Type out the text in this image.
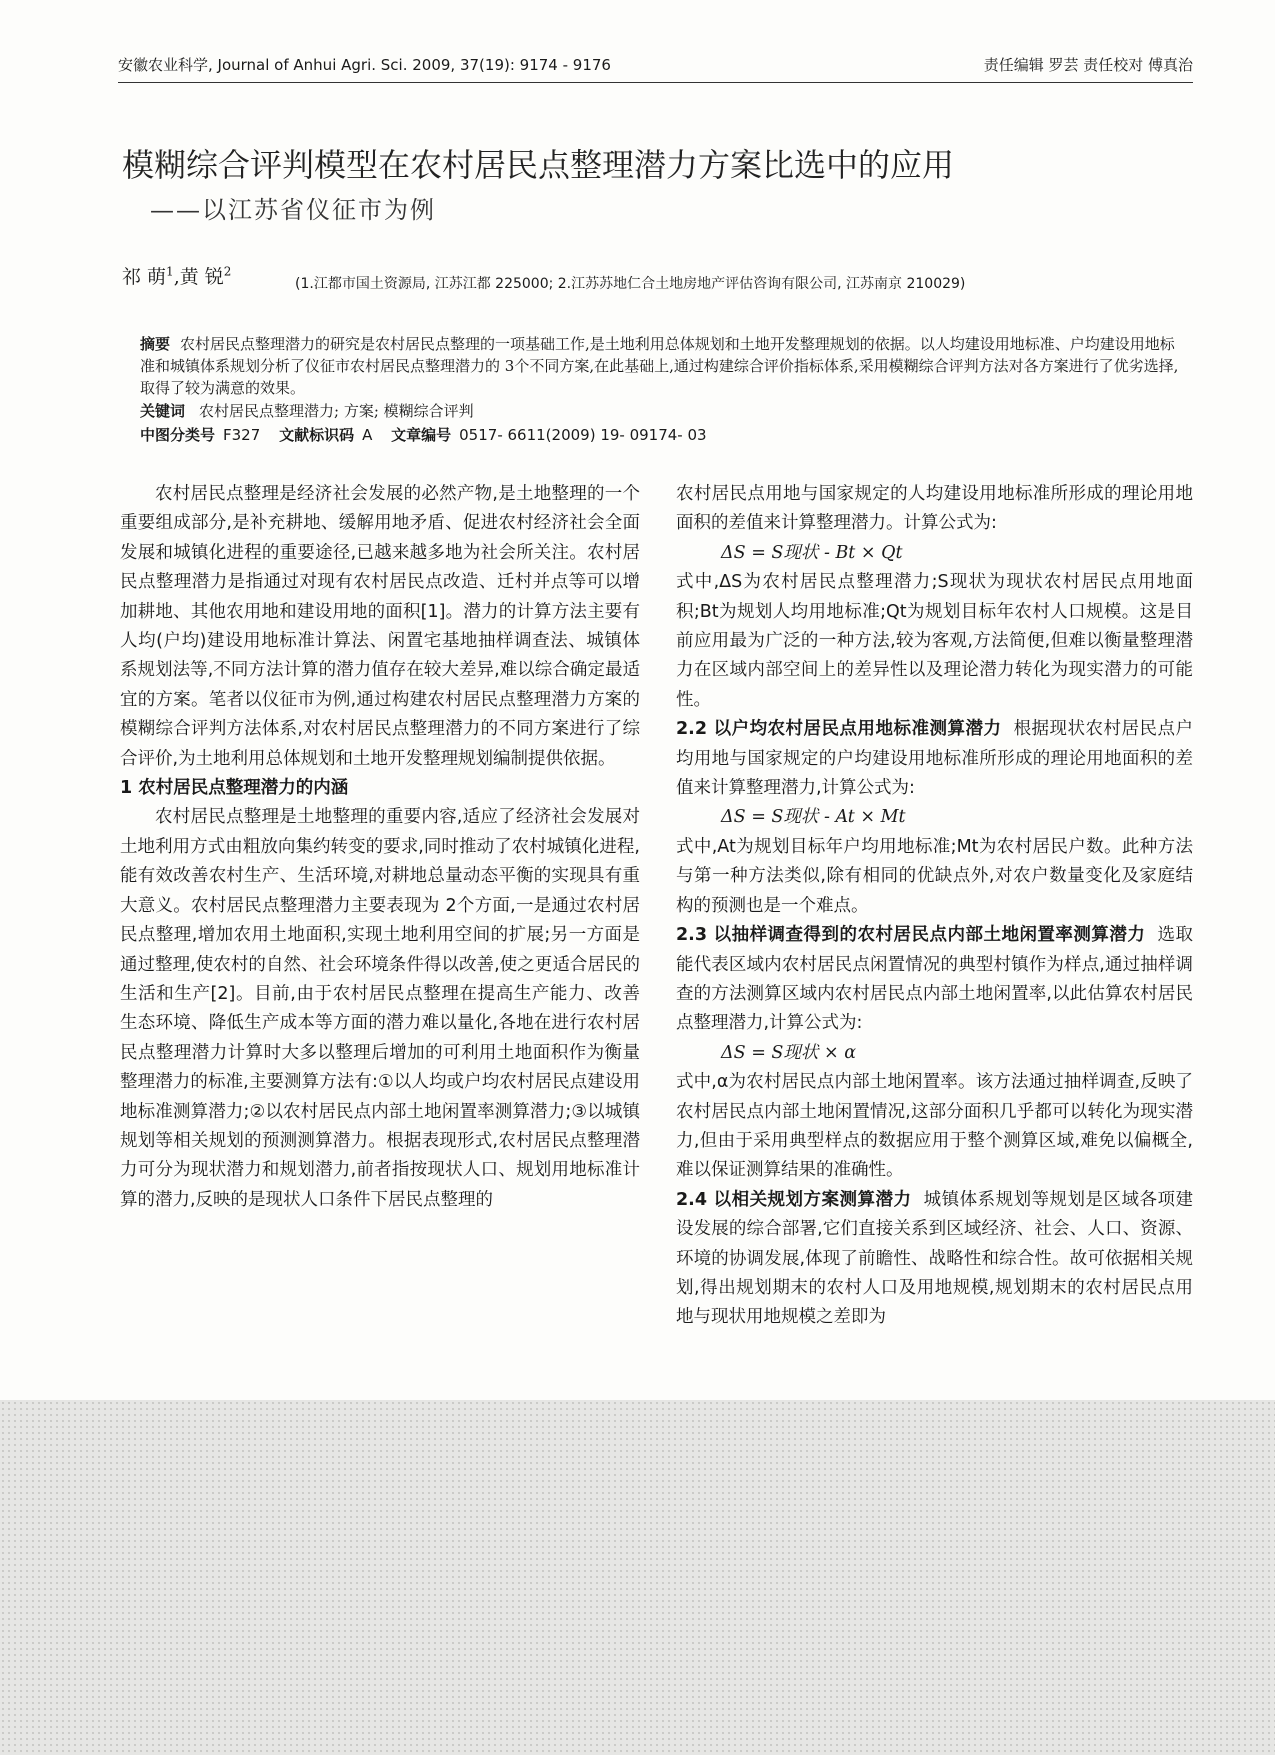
安徽农业科学, Journal of Anhui Agri. Sci. 2009, 37(19): 9174 - 9176	责任编辑 罗芸 责任校对 傅真治
模糊综合评判模型在农村居民点整理潜力方案比选中的应用
——以江苏省仪征市为例
祁 萌$^1$,黄 锐$^2$
(1.江都市国土资源局, 江苏江都 225000; 2.江苏苏地仁合土地房地产评估咨询有限公司, 江苏南京 210029)
摘要 农村居民点整理潜力的研究是农村居民点整理的一项基础工作,是土地利用总体规划和土地开发整理规划的依据。以人均建设用地标准、户均建设用地标准和城镇体系规划分析了仪征市农村居民点整理潜力的 3个不同方案,在此基础上,通过构建综合评价指标体系,采用模糊综合评判方法对各方案进行了优劣选择,取得了较为满意的效果。
关键词 农村居民点整理潜力; 方案; 模糊综合评判
中图分类号 F327 文献标识码 A 文章编号 0517- 6611(2009) 19- 09174- 03

农村居民点整理是经济社会发展的必然产物,是土地整理的一个重要组成部分,是补充耕地、缓解用地矛盾、促进农村经济社会全面发展和城镇化进程的重要途径,已越来越多地为社会所关注。农村居民点整理潜力是指通过对现有农村居民点改造、迁村并点等可以增加耕地、其他农用地和建设用地的面积[1]。潜力的计算方法主要有人均(户均)建设用地标准计算法、闲置宅基地抽样调查法、城镇体系规划法等,不同方法计算的潜力值存在较大差异,难以综合确定最适宜的方案。笔者以仪征市为例,通过构建农村居民点整理潜力方案的模糊综合评判方法体系,对农村居民点整理潜力的不同方案进行了综合评价,为土地利用总体规划和土地开发整理规划编制提供依据。

1 农村居民点整理潜力的内涵

农村居民点整理是土地整理的重要内容,适应了经济社会发展对土地利用方式由粗放向集约转变的要求,同时推动了农村城镇化进程,能有效改善农村生产、生活环境,对耕地总量动态平衡的实现具有重大意义。农村居民点整理潜力主要表现为 2个方面,一是通过农村居民点整理,增加农用土地面积,实现土地利用空间的扩展;另一方面是通过整理,使农村的自然、社会环境条件得以改善,使之更适合居民的生活和生产[2]。目前,由于农村居民点整理在提高生产能力、改善生态环境、降低生产成本等方面的潜力难以量化,各地在进行农村居民点整理潜力计算时大多以整理后增加的可利用土地面积作为衡量整理潜力的标准,主要测算方法有:①以人均或户均农村居民点建设用地标准测算潜力;②以农村居民点内部土地闲置率测算潜力;③以城镇规划等相关规划的预测测算潜力。根据表现形式,农村居民点整理潜力可分为现状潜力和规划潜力,前者指按现状人口、规划用地标准计算的潜力,反映的是现状人口条件下居民点整理的

农村居民点用地与国家规定的人均建设用地标准所形成的理论用地面积的差值来计算整理潜力。计算公式为:

ΔS = S现状 - Bt × Qt

式中,ΔS为农村居民点整理潜力;S现状为现状农村居民点用地面积;Bt为规划人均用地标准;Qt为规划目标年农村人口规模。这是目前应用最为广泛的一种方法,较为客观,方法简便,但难以衡量整理潜力在区域内部空间上的差异性以及理论潜力转化为现实潜力的可能性。

2.2 以户均农村居民点用地标准测算潜力 根据现状农村居民点户均用地与国家规定的户均建设用地标准所形成的理论用地面积的差值来计算整理潜力,计算公式为:

ΔS = S现状 - At × Mt

式中,At为规划目标年户均用地标准;Mt为农村居民户数。此种方法与第一种方法类似,除有相同的优缺点外,对农户数量变化及家庭结构的预测也是一个难点。

2.3 以抽样调查得到的农村居民点内部土地闲置率测算潜力 选取能代表区域内农村居民点闲置情况的典型村镇作为样点,通过抽样调查的方法测算区域内农村居民点内部土地闲置率,以此估算农村居民点整理潜力,计算公式为:

ΔS = S现状 × α

式中,α为农村居民点内部土地闲置率。该方法通过抽样调查,反映了农村居民点内部土地闲置情况,这部分面积几乎都可以转化为现实潜力,但由于采用典型样点的数据应用于整个测算区域,难免以偏概全,难以保证测算结果的准确性。

2.4 以相关规划方案测算潜力 城镇体系规划等规划是区域各项建设发展的综合部署,它们直接关系到区域经济、社会、人口、资源、环境的协调发展,体现了前瞻性、战略性和综合性。故可依据相关规划,得出规划期末的农村人口及用地规模,规划期末的农村居民点用地与现状用地规模之差即为
